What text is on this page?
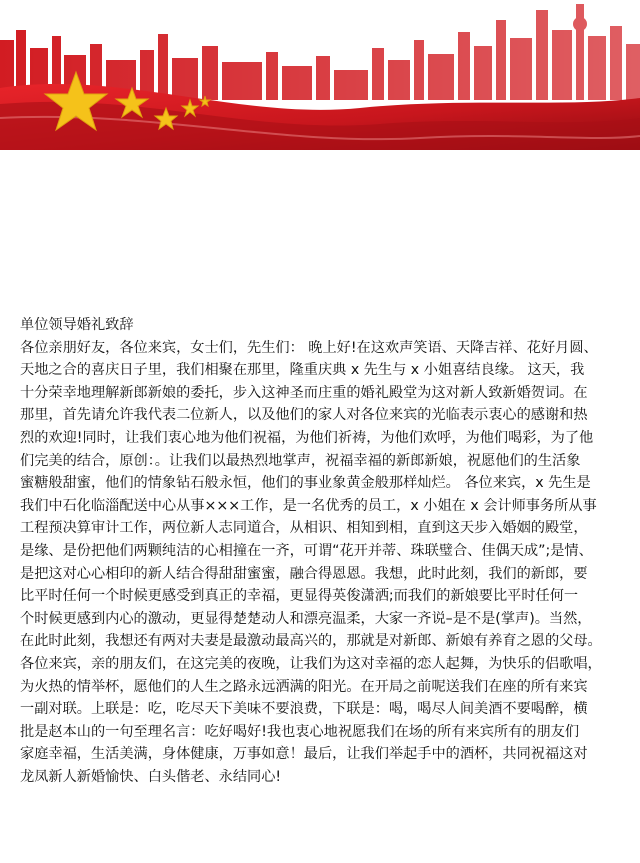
单位领导婚礼致辞

各位亲朋好友，各位来宾，女士们，先生们： 晚上好!在这欢声笑语、天降吉祥、花好月圆、

天地之合的喜庆日子里，我们相聚在那里，隆重庆典 x 先生与 x 小姐喜结良缘。 这天，我

十分荣幸地理解新郎新娘的委托，步入这神圣而庄重的婚礼殿堂为这对新人致新婚贺词。在

那里，首先请允许我代表二位新人，以及他们的家人对各位来宾的光临表示衷心的感谢和热

烈的欢迎!同时，让我们衷心地为他们祝福，为他们祈祷，为他们欢呼，为他们喝彩，为了他

们完美的结合，原创：。让我们以最热烈地掌声，祝福幸福的新郎新娘，祝愿他们的生活象

蜜糖般甜蜜，他们的情象钻石般永恒，他们的事业象黄金般那样灿烂。 各位来宾，x 先生是

我们中石化临淄配送中心从事×××工作，是一名优秀的员工，x 小姐在 x 会计师事务所从事

工程预决算审计工作，两位新人志同道合，从相识、相知到相，直到这天步入婚姻的殿堂，

是缘、是份把他们两颗纯洁的心相撞在一齐，可谓“花开并蒂、珠联璧合、佳偶天成”;是情、

是把这对心心相印的新人结合得甜甜蜜蜜，融合得恩恩。我想，此时此刻，我们的新郎，要

比平时任何一个时候更感受到真正的幸福，更显得英俊潇洒;而我们的新娘要比平时任何一

个时候更感到内心的激动，更显得楚楚动人和漂亮温柔，大家一齐说–是不是(掌声)。当然，

在此时此刻，我想还有两对夫妻是最激动最高兴的，那就是对新郎、新娘有养育之恩的父母。

各位来宾，亲的朋友们，在这完美的夜晚，让我们为这对幸福的恋人起舞，为快乐的侣歌唱，

为火热的情举杯，愿他们的人生之路永远洒满的阳光。在开局之前呢送我们在座的所有来宾

一副对联。上联是：吃，吃尽天下美味不要浪费，下联是：喝，喝尽人间美酒不要喝醉，横

批是赵本山的一句至理名言：吃好喝好!我也衷心地祝愿我们在场的所有来宾所有的朋友们

家庭幸福，生活美满，身体健康，万事如意！最后，让我们举起手中的酒杯，共同祝福这对

龙凤新人新婚愉快、白头偕老、永结同心!
